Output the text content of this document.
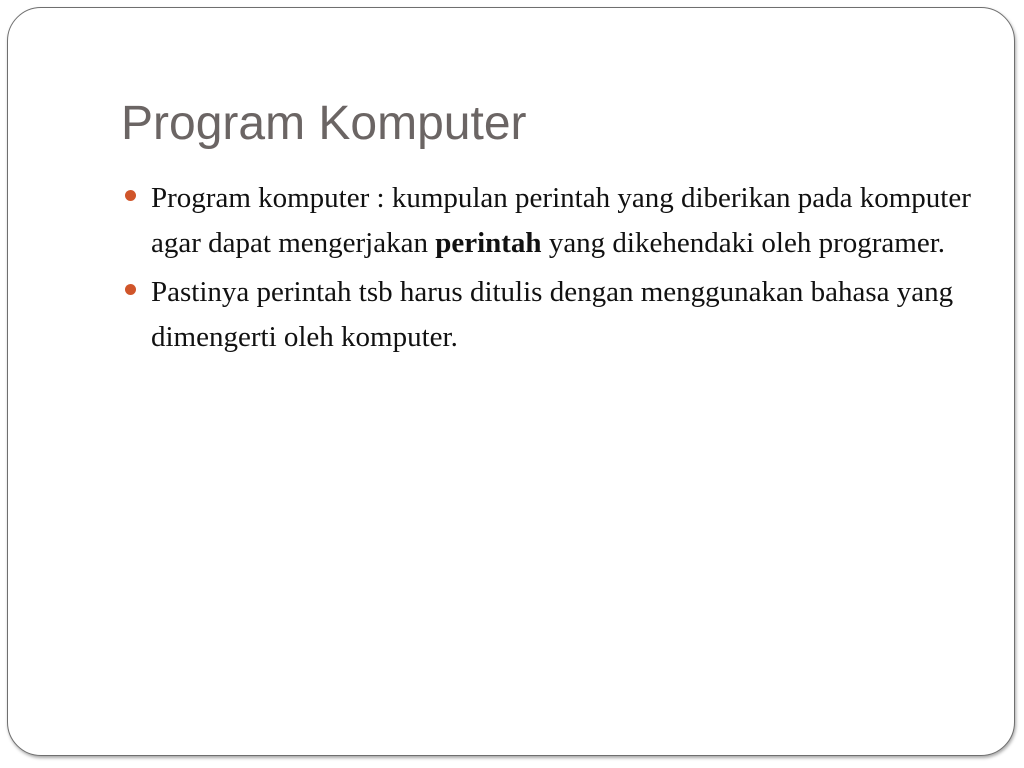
Program Komputer
Program komputer : kumpulan perintah yang diberikan pada komputer agar dapat mengerjakan perintah yang dikehendaki oleh programer.
Pastinya perintah tsb harus ditulis dengan menggunakan bahasa yang dimengerti oleh komputer.
